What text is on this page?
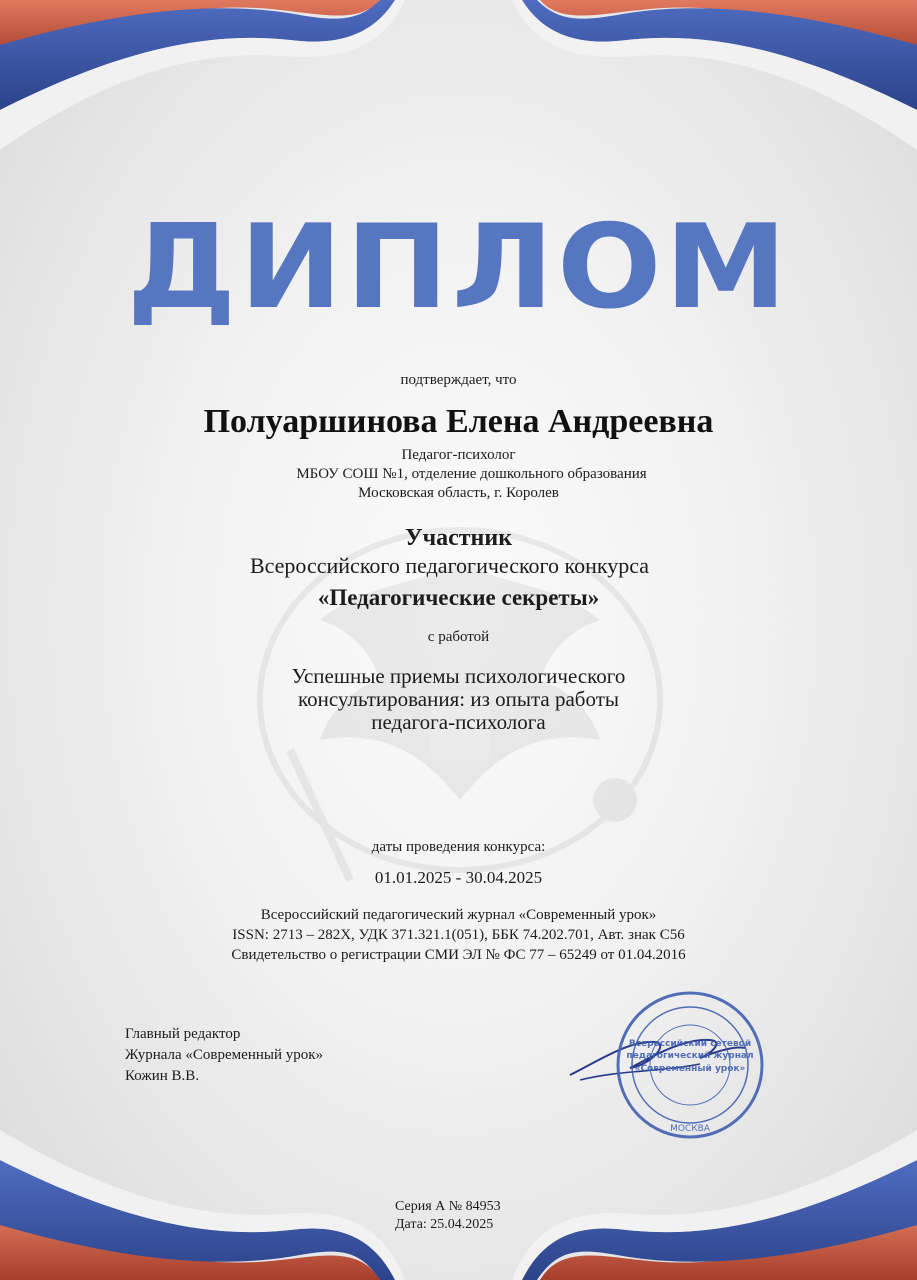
ДИПЛОМ
подтверждает, что
Полуаршинова Елена Андреевна
Педагог-психолог
МБОУ СОШ №1, отделение дошкольного образования
Московская область, г. Королев
Участник
Всероссийского педагогического конкурса
«Педагогические секреты»
с работой
Успешные приемы психологического
консультирования: из опыта работы
педагога-психолога
даты проведения конкурса:
01.01.2025 - 30.04.2025
Всероссийский педагогический журнал «Современный урок»
ISSN: 2713 – 282X, УДК 371.321.1(051), ББК 74.202.701, Авт. знак С56
Свидетельство о регистрации СМИ ЭЛ № ФС 77 – 65249 от 01.04.2016
Главный редактор
Журнала «Современный урок»
Кожин В.В.
Всероссийский сетевой
педагогический журнал
«Современный урок»
МОСКВА
Серия А № 84953
Дата: 25.04.2025
